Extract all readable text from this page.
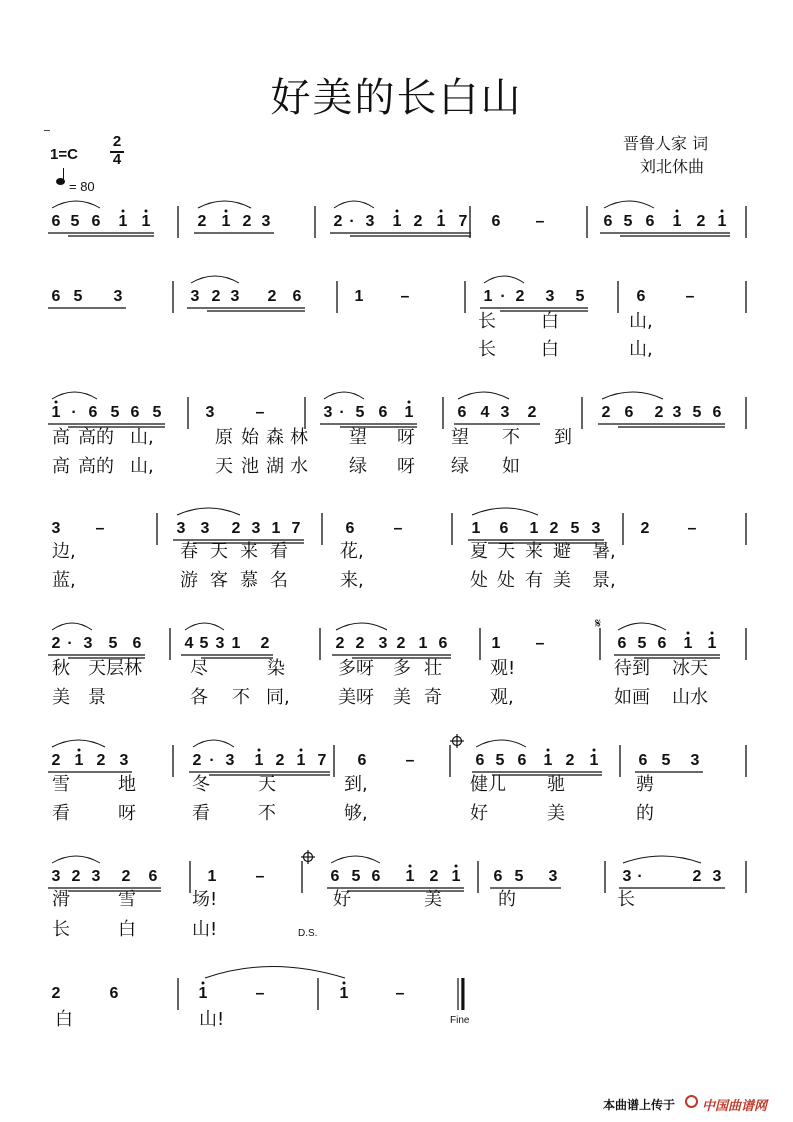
好美的长白山
晋鲁人家 词
刘北休曲
1=C
2
4
= 80
6 5 6 1 1	2 1 2 3	2 · 3 1 2 1 7 6 –	6 5 6 1 2 1
6 5 3	3 2 3 2 6	1 –	1 · 2 3 5	6	–
长	白	山,
长	白	山,
1 · 6 5 6 5	3	–	3 · 5 6 1	6 4 3 2	2 6 2 3 5 6
高 高的 山,	原 始 森 林 望 呀 望 不 到
高 高的 山,	天 池 湖 水 绿 呀 绿 如
3 –	3 3 2 3 1 7	6 –	1 6 1 2 5 3	2 –
边,	春 天 来 看	花,	夏 天 来 避 暑,
蓝,	游 客 慕 名	来,	处 处 有 美 景,
2 · 3 5 6	4 5 3 1 2	2 2 3 2 1 6	1 –	6 5 6 1 1
秋 天层林	尽	染	多呀 多 壮	观!	待到 冰天
美 景	各 不 同,	美呀 美 奇	观,	如画 山水
2 1 2 3	2 · 3 1 2 1 7 6 –	6 5 6 1 2 1	6 5 3
雪	地	冬	天	到,	健儿 驰	骋
看	呀	看	不	够,	好	美	的
3 2 3 2 6	1 –	6 5 6 1 2 1 6 5 3	3 ·	2 3
滑	雪	场!	好	美	的	长
长	白	山!	D.S.
2	6	1	–	1	–
白	山!	Fine
𝄋
本曲谱上传于 中国曲谱网
